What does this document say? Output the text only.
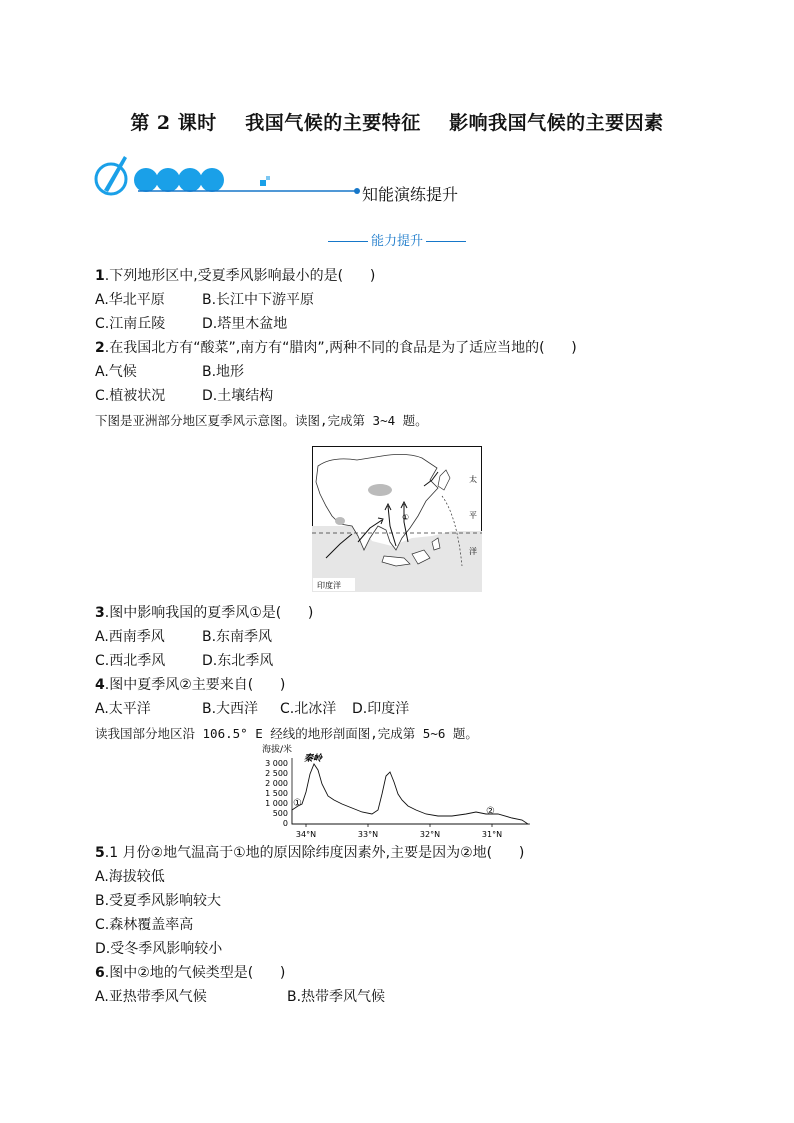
第 2 课时    我国气候的主要特征    影响我国气候的主要因素
知能演练提升
能力提升
1.下列地形区中,受夏季风影响最小的是(      )
A.华北平原	B.长江中下游平原
C.江南丘陵	D.塔里木盆地
2.在我国北方有“酸菜”,南方有“腊肉”,两种不同的食品是为了适应当地的(      )
A.气候	B.地形
C.植被状况	D.土壤结构
下图是亚洲部分地区夏季风示意图。读图,完成第 3~4 题。
①
太
平
洋
印度洋
3.图中影响我国的夏季风①是(      )
A.西南季风	B.东南季风
C.西北季风	D.东北季风
4.图中夏季风②主要来自(      )
A.太平洋	B.大西洋 C.北冰洋 D.印度洋
读我国部分地区沿 106.5° E 经线的地形剖面图,完成第 5~6 题。
海拔/米
秦岭
3 000
2 500
2 000
1 500
1 000
500
0
34°N	33°N	32°N	31°N
①
②
5.1 月份②地气温高于①地的原因除纬度因素外,主要是因为②地(      )
A.海拔较低
B.受夏季风影响较大
C.森林覆盖率高
D.受冬季风影响较小
6.图中②地的气候类型是(      )
A.亚热带季风气候	B.热带季风气候
